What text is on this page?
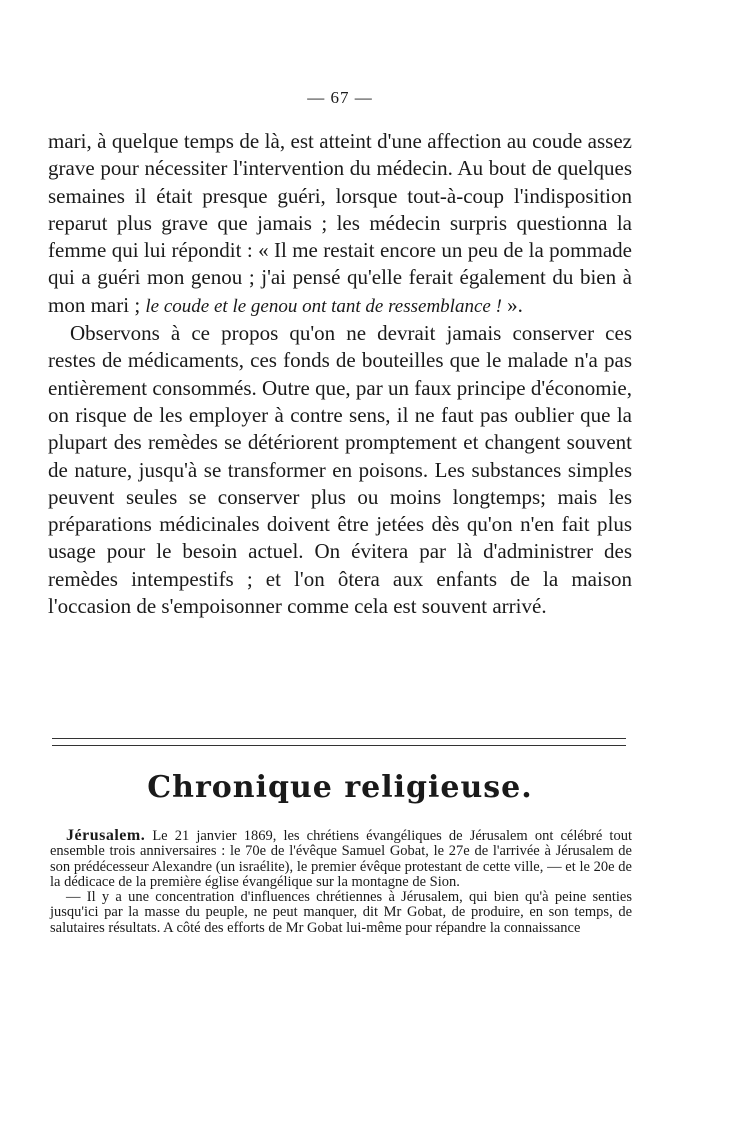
— 67 —

mari, à quelque temps de là, est atteint d'une affection au coude assez grave pour nécessiter l'intervention du médecin. Au bout de quelques semaines il était presque guéri, lorsque tout-à-coup l'indisposition reparut plus grave que jamais ; les médecin surpris questionna la femme qui lui répondit : « Il me restait encore un peu de la pommade qui a guéri mon genou ; j'ai pensé qu'elle ferait également du bien à mon mari ; le coude et le genou ont tant de ressemblance ! ».

Observons à ce propos qu'on ne devrait jamais conserver ces restes de médicaments, ces fonds de bouteilles que le malade n'a pas entièrement consommés. Outre que, par un faux principe d'économie, on risque de les employer à contre sens, il ne faut pas oublier que la plupart des remèdes se détériorent promptement et changent souvent de nature, jusqu'à se transformer en poisons. Les substances simples peuvent seules se conserver plus ou moins longtemps; mais les préparations médicinales doivent être jetées dès qu'on n'en fait plus usage pour le besoin actuel. On évitera par là d'administrer des remèdes intempestifs ; et l'on ôtera aux enfants de la maison l'occasion de s'empoisonner comme cela est souvent arrivé.

Chronique religieuse.

Jérusalem. Le 21 janvier 1869, les chrétiens évangéliques de Jérusalem ont célébré tout ensemble trois anniversaires : le 70e de l'évêque Samuel Gobat, le 27e de l'arrivée à Jérusalem de son prédécesseur Alexandre (un israélite), le premier évêque protestant de cette ville, — et le 20e de la dédicace de la première église évangélique sur la montagne de Sion.

— Il y a une concentration d'influences chrétiennes à Jérusalem, qui bien qu'à peine senties jusqu'ici par la masse du peuple, ne peut manquer, dit Mr Gobat, de produire, en son temps, de salutaires résultats. A côté des efforts de Mr Gobat lui-même pour répandre la connaissance
